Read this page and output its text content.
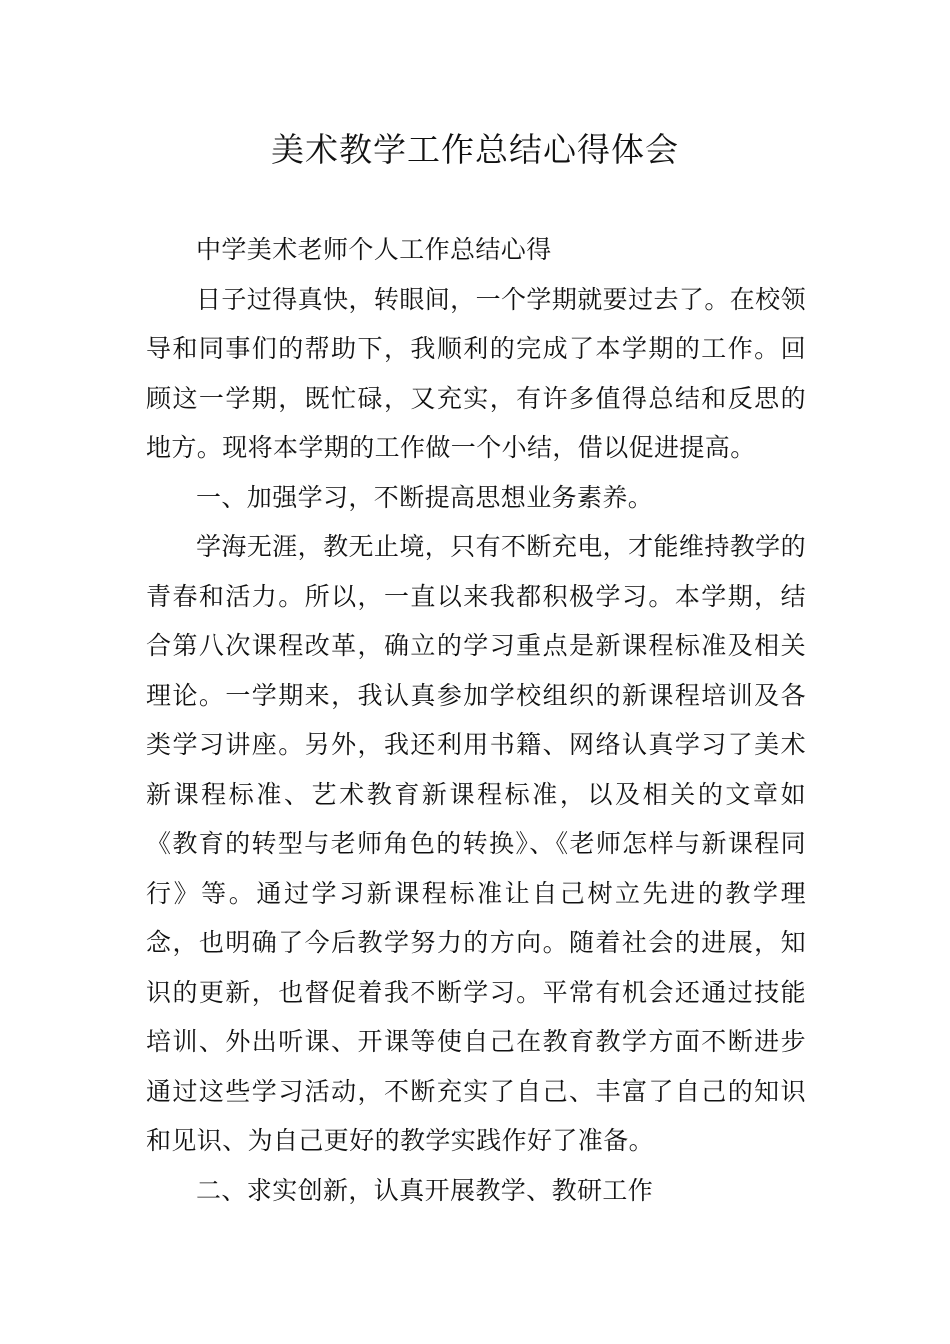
美术教学工作总结心得体会

中学美术老师个人工作总结心得

日子过得真快，转眼间，一个学期就要过去了。在校领导和同事们的帮助下，我顺利的完成了本学期的工作。回顾这一学期，既忙碌，又充实，有许多值得总结和反思的地方。现将本学期的工作做一个小结，借以促进提高。

一、加强学习，不断提高思想业务素养。

学海无涯，教无止境，只有不断充电，才能维持教学的青春和活力。所以，一直以来我都积极学习。本学期，结合第八次课程改革，确立的学习重点是新课程标准及相关理论。一学期来，我认真参加学校组织的新课程培训及各类学习讲座。另外，我还利用书籍、网络认真学习了美术新课程标准、艺术教育新课程标准，以及相关的文章如《教育的转型与老师角色的转换》、《老师怎样与新课程同行》等。通过学习新课程标准让自己树立先进的教学理念，也明确了今后教学努力的方向。随着社会的进展，知识的更新，也督促着我不断学习。平常有机会还通过技能培训、外出听课、开课等使自己在教育教学方面不断进步通过这些学习活动，不断充实了自己、丰富了自己的知识和见识、为自己更好的教学实践作好了准备。

二、求实创新，认真开展教学、教研工作
